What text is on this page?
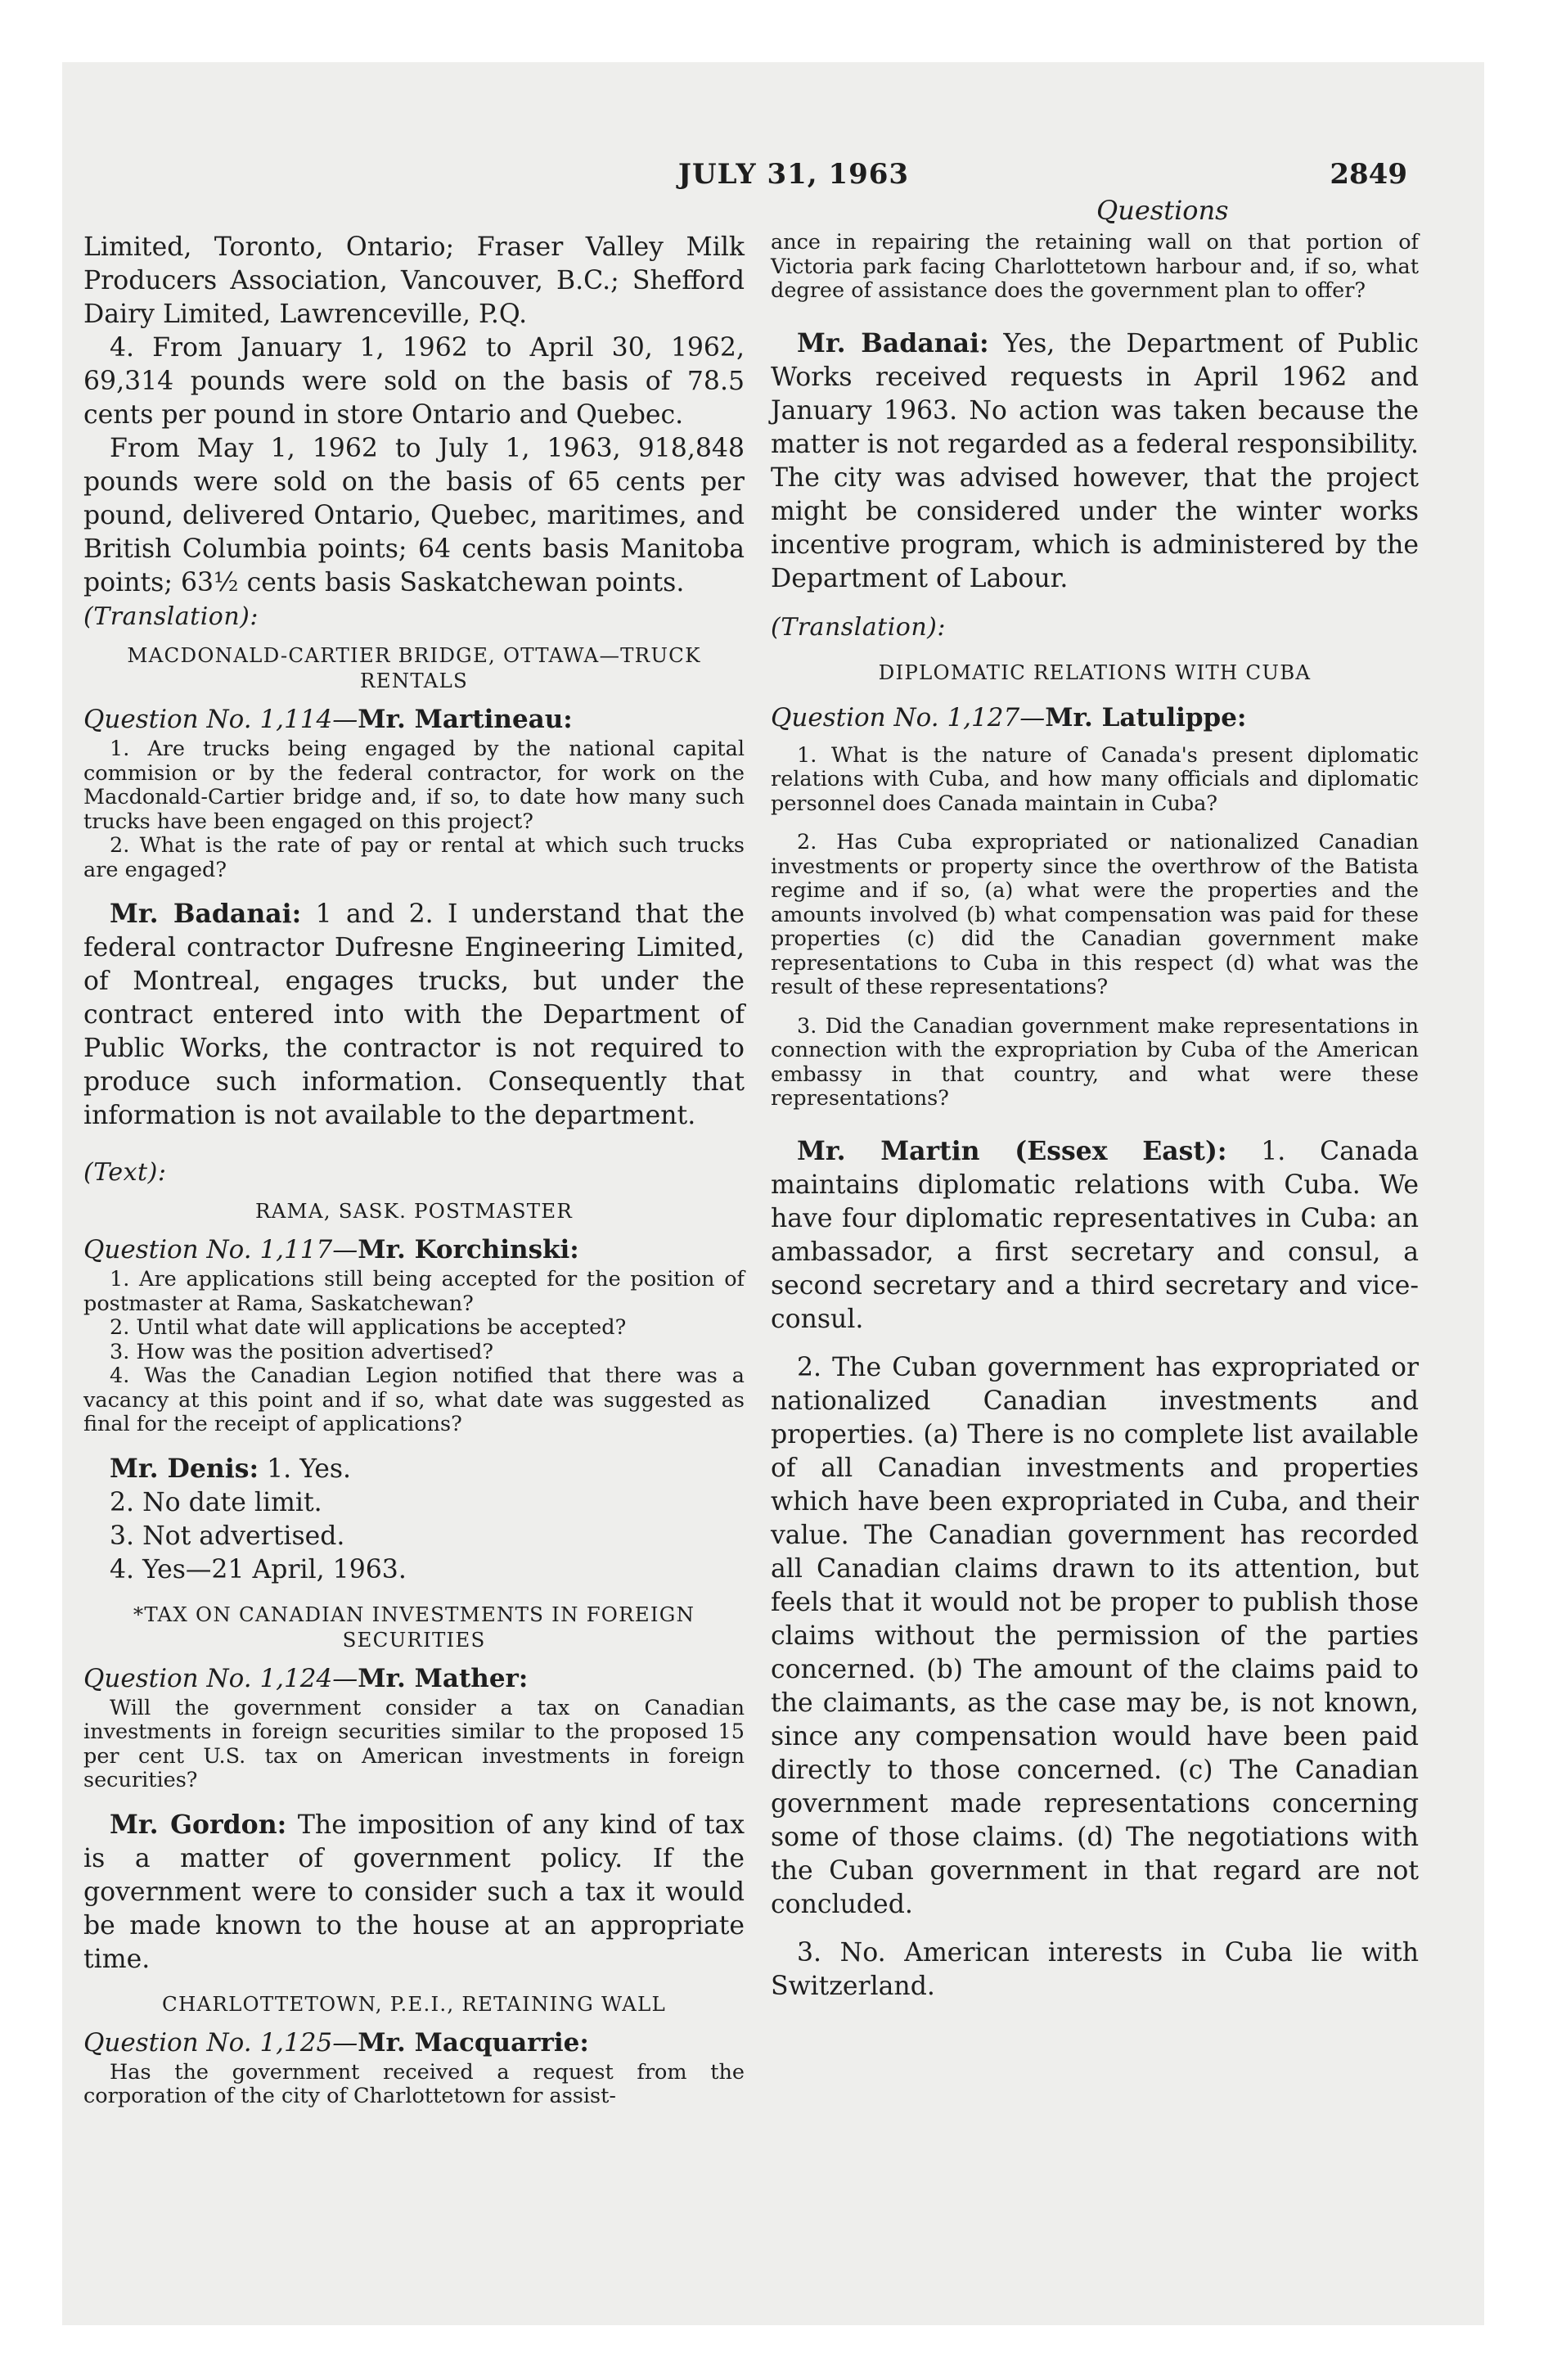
JULY 31, 1963	2849
Questions

Limited, Toronto, Ontario; Fraser Valley Milk Producers Association, Vancouver, B.C.; Shefford Dairy Limited, Lawrenceville, P.Q.

4. From January 1, 1962 to April 30, 1962, 69,314 pounds were sold on the basis of 78.5 cents per pound in store Ontario and Quebec.

From May 1, 1962 to July 1, 1963, 918,848 pounds were sold on the basis of 65 cents per pound, delivered Ontario, Quebec, maritimes, and British Columbia points; 64 cents basis Manitoba points; 63½ cents basis Saskatchewan points.

(Translation):

MACDONALD-CARTIER BRIDGE, OTTAWA—TRUCK RENTALS

Question No. 1,114—Mr. Martineau:

1. Are trucks being engaged by the national capital commision or by the federal contractor, for work on the Macdonald-Cartier bridge and, if so, to date how many such trucks have been engaged on this project?

2. What is the rate of pay or rental at which such trucks are engaged?

Mr. Badanai: 1 and 2. I understand that the federal contractor Dufresne Engineering Limited, of Montreal, engages trucks, but under the contract entered into with the Department of Public Works, the contractor is not required to produce such information. Consequently that information is not available to the department.

(Text):

RAMA, SASK. POSTMASTER

Question No. 1,117—Mr. Korchinski:

1. Are applications still being accepted for the position of postmaster at Rama, Saskatchewan?

2. Until what date will applications be accepted?

3. How was the position advertised?

4. Was the Canadian Legion notified that there was a vacancy at this point and if so, what date was suggested as final for the receipt of applications?

Mr. Denis: 1. Yes.

2. No date limit.

3. Not advertised.

4. Yes—21 April, 1963.

*TAX ON CANADIAN INVESTMENTS IN FOREIGN SECURITIES

Question No. 1,124—Mr. Mather:

Will the government consider a tax on Canadian investments in foreign securities similar to the proposed 15 per cent U.S. tax on American investments in foreign securities?

Mr. Gordon: The imposition of any kind of tax is a matter of government policy. If the government were to consider such a tax it would be made known to the house at an appropriate time.

CHARLOTTETOWN, P.E.I., RETAINING WALL

Question No. 1,125—Mr. Macquarrie:

Has the government received a request from the corporation of the city of Charlottetown for assist-

ance in repairing the retaining wall on that portion of Victoria park facing Charlottetown harbour and, if so, what degree of assistance does the government plan to offer?

Mr. Badanai: Yes, the Department of Public Works received requests in April 1962 and January 1963. No action was taken because the matter is not regarded as a federal responsibility. The city was advised however, that the project might be considered under the winter works incentive program, which is administered by the Department of Labour.

(Translation):

DIPLOMATIC RELATIONS WITH CUBA

Question No. 1,127—Mr. Latulippe:

1. What is the nature of Canada's present diplomatic relations with Cuba, and how many officials and diplomatic personnel does Canada maintain in Cuba?

2. Has Cuba expropriated or nationalized Canadian investments or property since the overthrow of the Batista regime and if so, (a) what were the properties and the amounts involved (b) what compensation was paid for these properties (c) did the Canadian government make representations to Cuba in this respect (d) what was the result of these representations?

3. Did the Canadian government make representations in connection with the expropriation by Cuba of the American embassy in that country, and what were these representations?

Mr. Martin (Essex East): 1. Canada maintains diplomatic relations with Cuba. We have four diplomatic representatives in Cuba: an ambassador, a first secretary and consul, a second secretary and a third secretary and vice-consul.

2. The Cuban government has expropriated or nationalized Canadian investments and properties. (a) There is no complete list available of all Canadian investments and properties which have been expropriated in Cuba, and their value. The Canadian government has recorded all Canadian claims drawn to its attention, but feels that it would not be proper to publish those claims without the permission of the parties concerned. (b) The amount of the claims paid to the claimants, as the case may be, is not known, since any compensation would have been paid directly to those concerned. (c) The Canadian government made representations concerning some of those claims. (d) The negotiations with the Cuban government in that regard are not concluded.

3. No. American interests in Cuba lie with Switzerland.
